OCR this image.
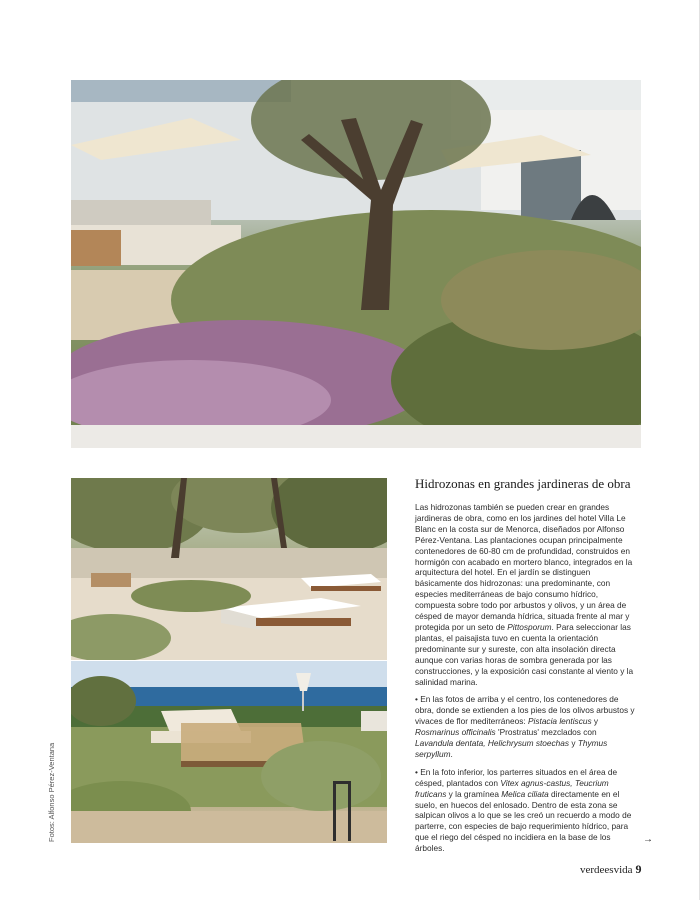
Fotos: Alfonso Pérez-Ventana
Hidrozonas en grandes jardineras de obra

Las hidrozonas también se pueden crear en grandes jardineras de obra, como en los jardines del hotel Villa Le Blanc en la costa sur de Menorca, diseñados por Alfonso Pérez-Ventana. Las plantaciones ocupan principalmente contenedores de 60-80 cm de profundidad, construidos en hormigón con acabado en mortero blanco, integrados en la arquitectura del hotel. En el jardín se distinguen básicamente dos hidrozonas: una predominante, con especies mediterráneas de bajo consumo hídrico, compuesta sobre todo por arbustos y olivos, y un área de césped de mayor demanda hídrica, situada frente al mar y protegida por un seto de Pittosporum. Para seleccionar las plantas, el paisajista tuvo en cuenta la orientación predominante sur y sureste, con alta insolación directa aunque con varias horas de sombra generada por las construcciones, y la exposición casi constante al viento y la salinidad marina.

• En las fotos de arriba y el centro, los contenedores de obra, donde se extienden a los pies de los olivos arbustos y vivaces de flor mediterráneos: Pistacia lentiscus y Rosmarinus officinalis 'Prostratus' mezclados con Lavandula dentata, Helichrysum stoechas y Thymus serpyllum.

• En la foto inferior, los parterres situados en el área de césped, plantados con Vitex agnus-castus, Teucrium fruticans y la gramínea Melica ciliata directamente en el suelo, en huecos del enlosado. Dentro de esta zona se salpican olivos a lo que se les creó un recuerdo a modo de parterre, con especies de bajo requerimiento hídrico, para que el riego del césped no incidiera en la base de los árboles.

→
verdeesvida 9
